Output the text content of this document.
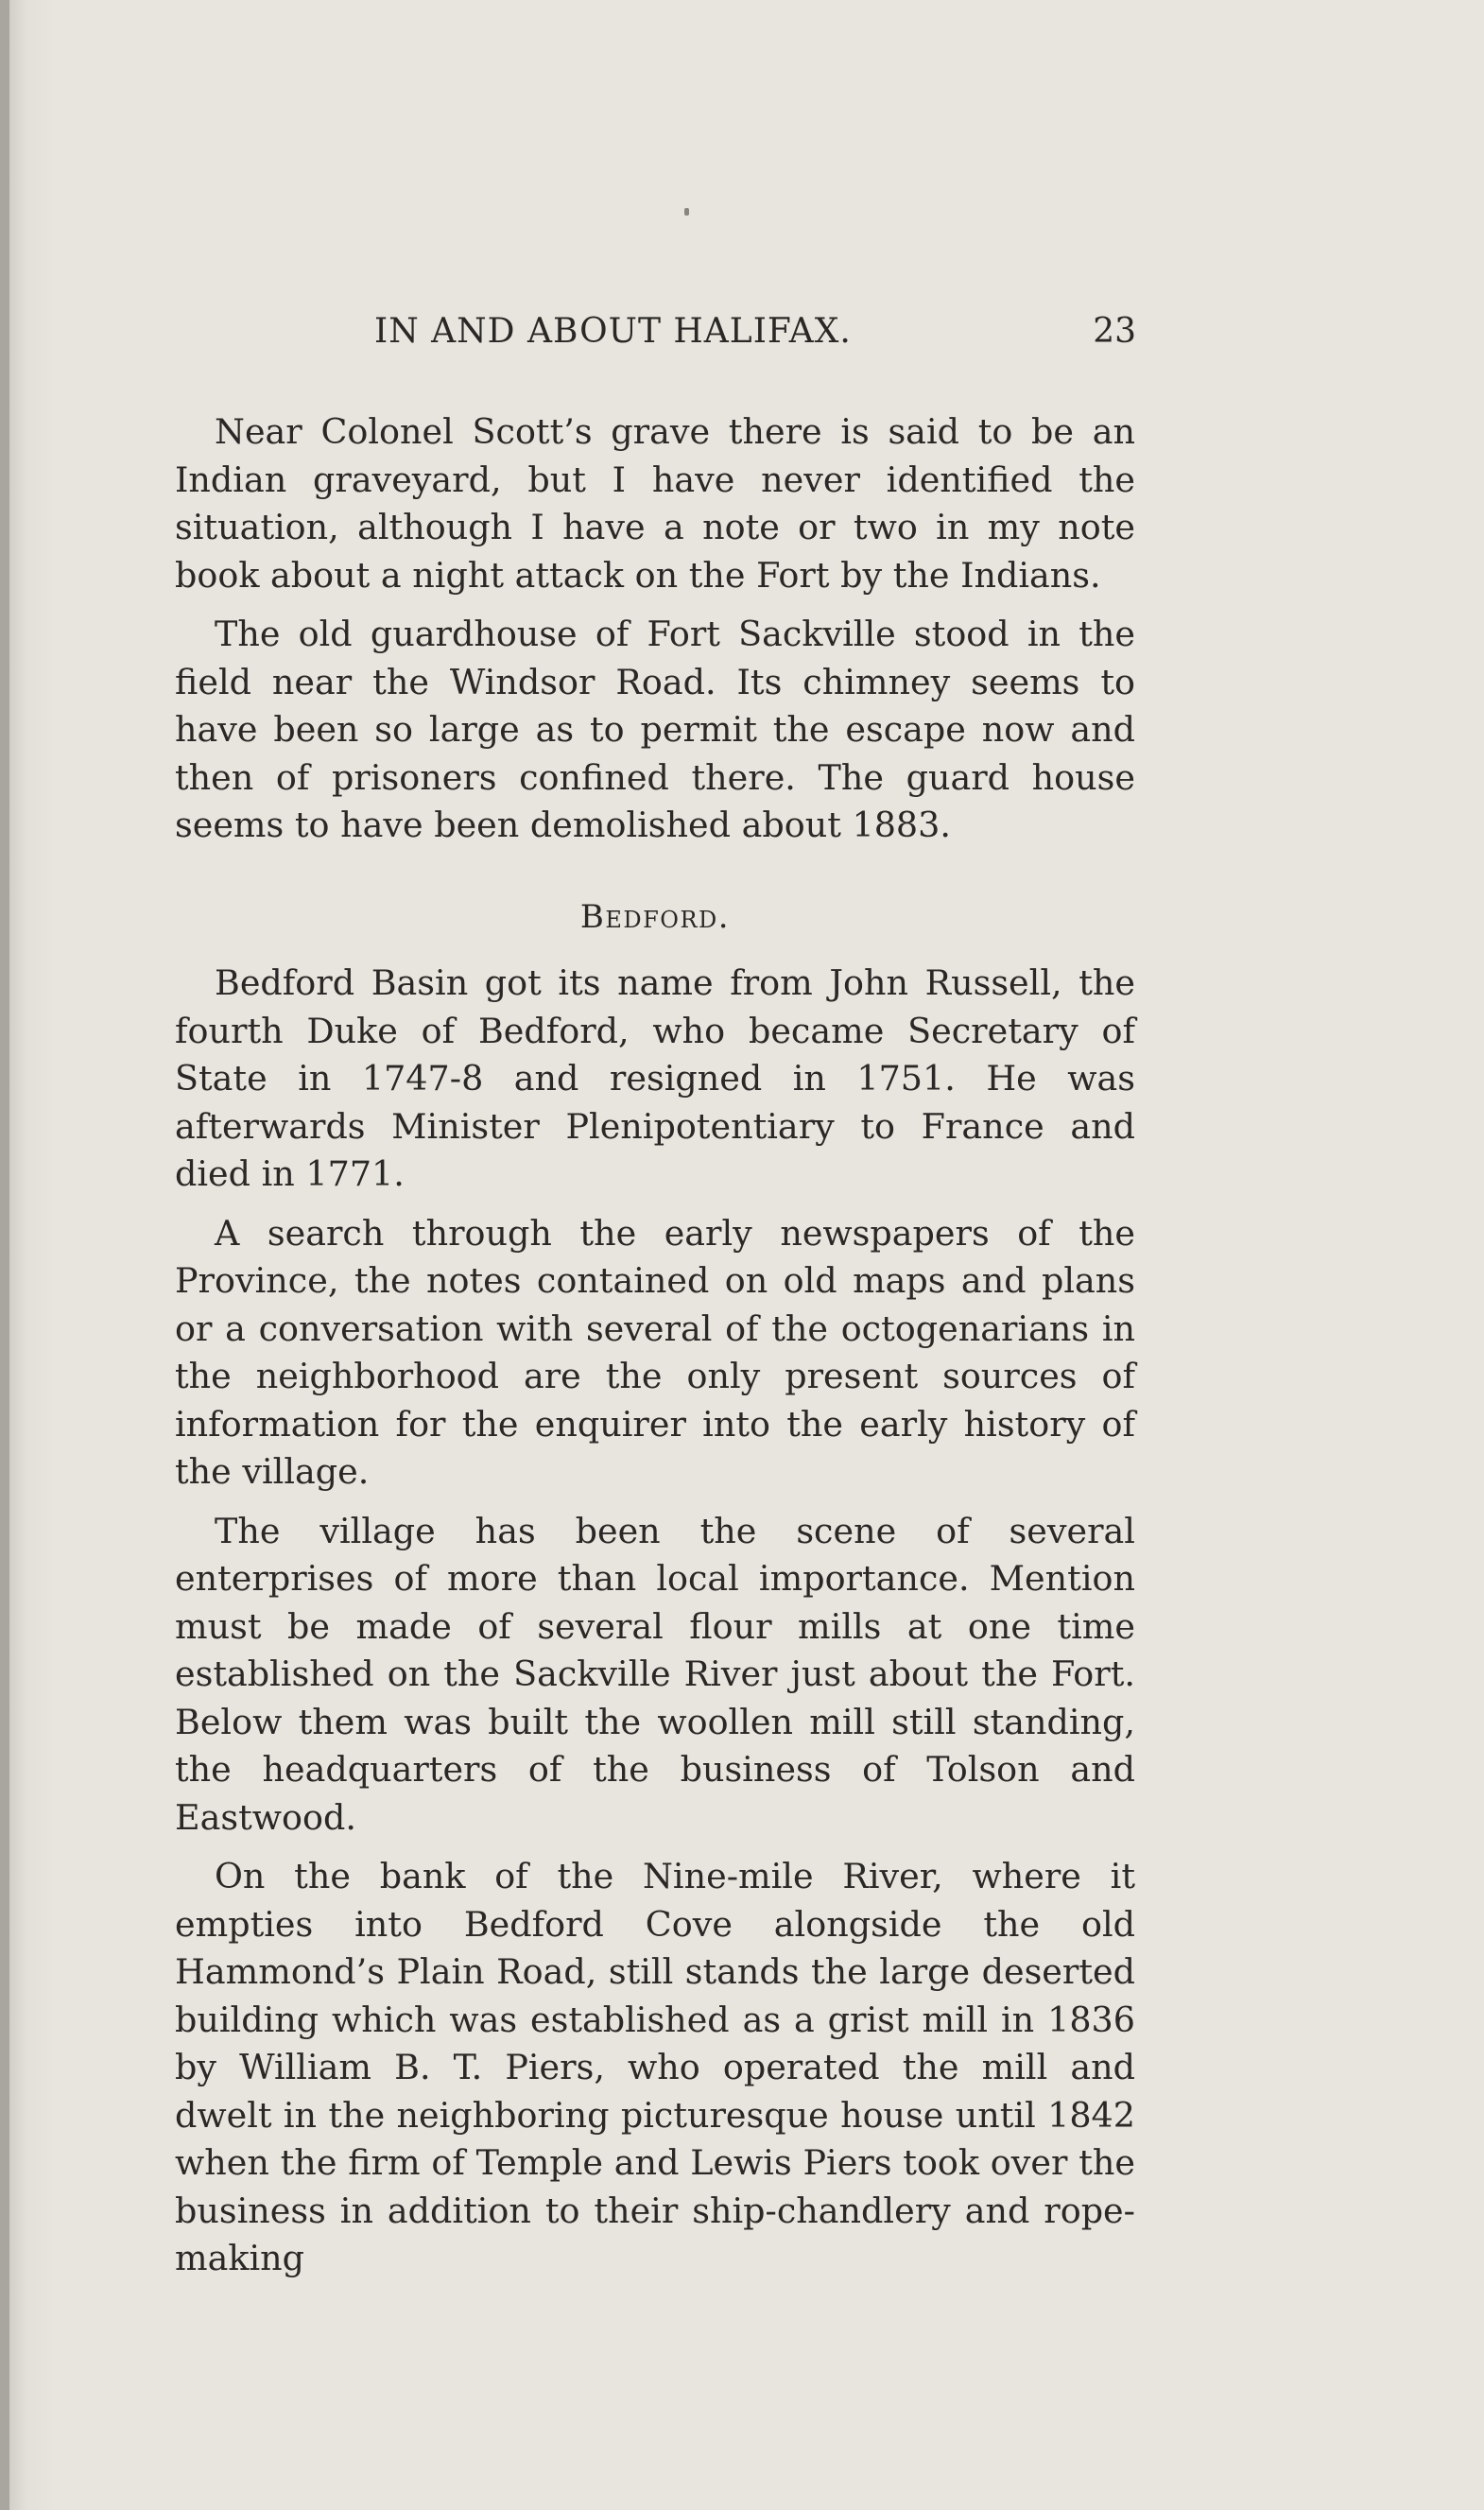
IN AND ABOUT HALIFAX.	23

Near Colonel Scott’s grave there is said to be an Indian graveyard, but I have never identified the situation, although I have a note or two in my note book about a night attack on the Fort by the Indians.

The old guardhouse of Fort Sackville stood in the field near the Windsor Road. Its chimney seems to have been so large as to permit the escape now and then of prisoners confined there. The guard house seems to have been demolished about 1883.

Bedford.

Bedford Basin got its name from John Russell, the fourth Duke of Bedford, who became Secretary of State in 1747-8 and resigned in 1751. He was afterwards Minister Plenipotentiary to France and died in 1771.

A search through the early newspapers of the Province, the notes contained on old maps and plans or a conversation with several of the octogenarians in the neighborhood are the only present sources of information for the enquirer into the early history of the village.

The village has been the scene of several enterprises of more than local importance. Mention must be made of several flour mills at one time established on the Sackville River just about the Fort. Below them was built the woollen mill still standing, the headquarters of the business of Tolson and Eastwood.

On the bank of the Nine-mile River, where it empties into Bedford Cove alongside the old Hammond’s Plain Road, still stands the large deserted building which was established as a grist mill in 1836 by William B. T. Piers, who operated the mill and dwelt in the neighboring picturesque house until 1842 when the firm of Temple and Lewis Piers took over the business in addition to their ship-chandlery and rope-making
